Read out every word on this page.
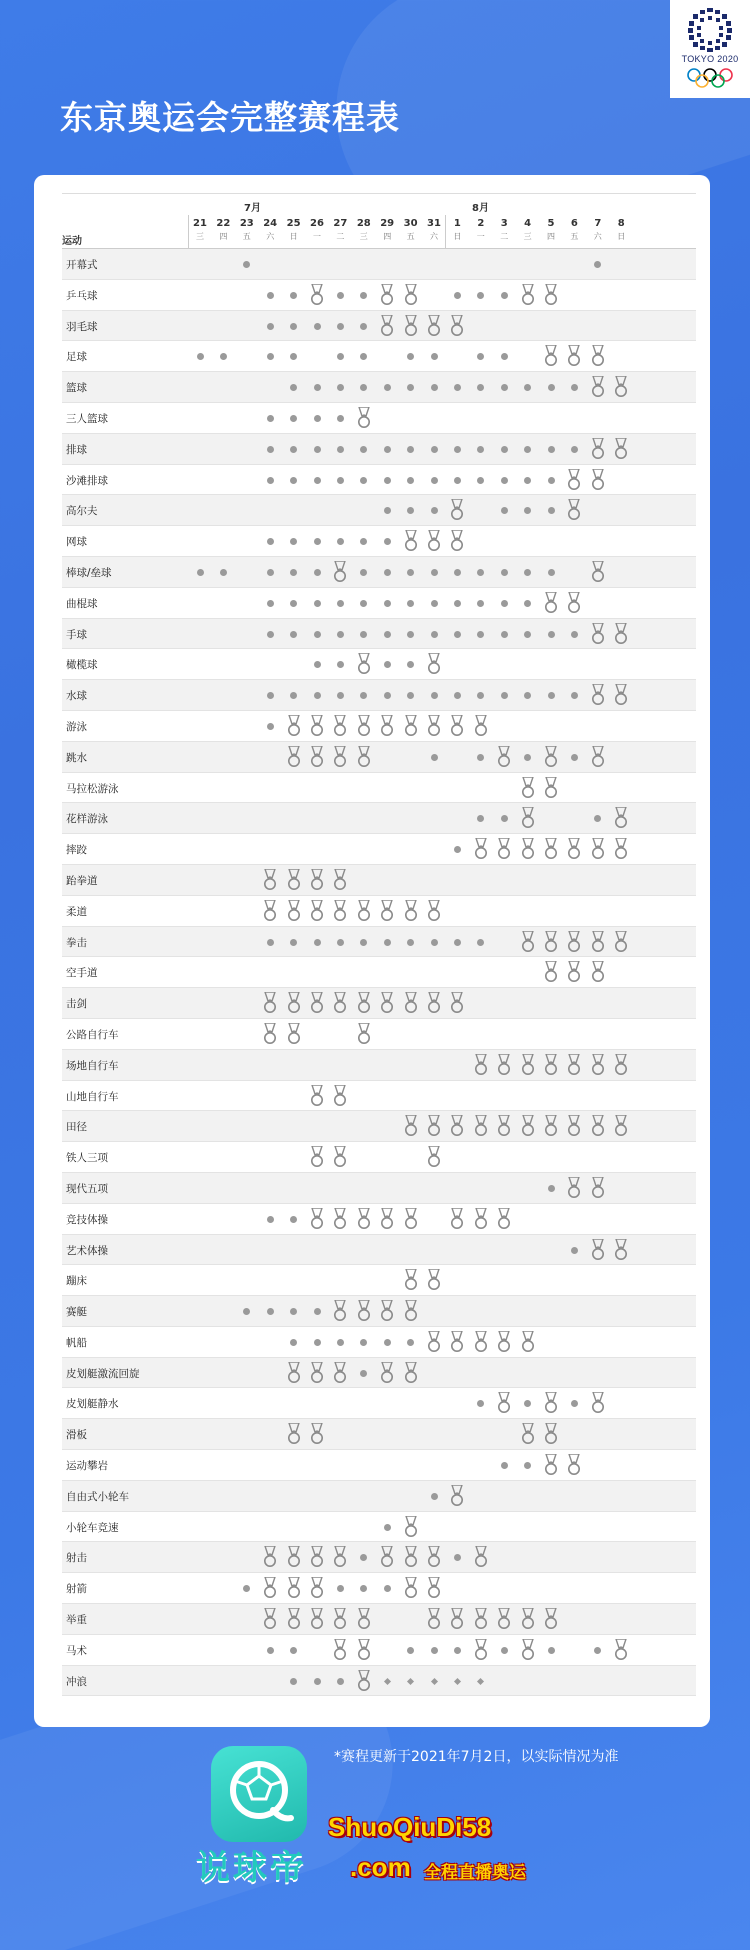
TOKYO 2020
东京奥运会完整赛程表
7月	8月
运动
21
三
22
四
23
五
24
六
25
日
26
一
27
二
28
三
29
四
30
五
31
六
1
日
2
一
3
二
4
三
5
四
6
五
7
六
8
日
开幕式
乒乓球
羽毛球
足球
篮球
三人篮球
排球
沙滩排球
高尔夫
网球
棒球/垒球
曲棍球
手球
橄榄球
水球
游泳
跳水
马拉松游泳
花样游泳
摔跤
跆拳道
柔道
拳击
空手道
击剑
公路自行车
场地自行车
山地自行车
田径
铁人三项
现代五项
竞技体操
艺术体操
蹦床
赛艇
帆船
皮划艇激流回旋
皮划艇静水
滑板
运动攀岩
自由式小轮车
小轮车竞速
射击
射箭
举重
马术
冲浪
*赛程更新于2021年7月2日，以实际情况为准
说球帝
ShuoQiuDi58
.com 全程直播奥运
